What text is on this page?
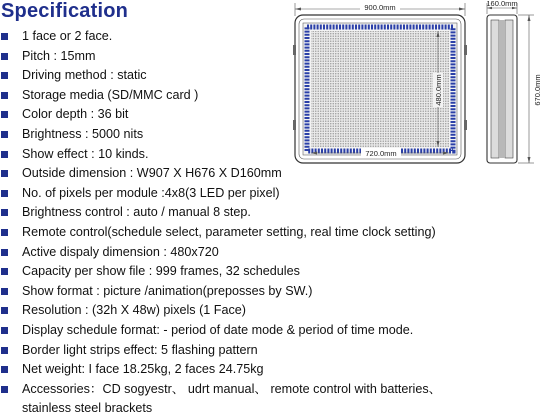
Specification
1 face or 2 face.
Pitch : 15mm
Driving method : static
Storage media (SD/MMC card )
Color depth : 36 bit
Brightness : 5000 nits
Show effect : 10 kinds.
Outside dimension : W907 X H676 X D160mm
No. of pixels per module :4x8(3 LED per pixel)
Brightness control : auto / manual 8 step.
Remote control(schedule select, parameter setting, real time clock setting)
Active dispaly dimension : 480x720
Capacity per show file : 999 frames, 32 schedules
Show format : picture /animation(preposses by SW.)
Resolution : (32h X 48w) pixels (1 Face)
Display schedule format: - period of date mode & period of time mode.
Border light strips effect: 5 flashing pattern
Net weight: I face 18.25kg, 2 faces 24.75kg
Accessories：CD sogyestr、 udrt manual、 remote control with batteries、
stainless steel brackets
900.0mm
480.0mm
720.0mm
160.0mm
670.0mm
